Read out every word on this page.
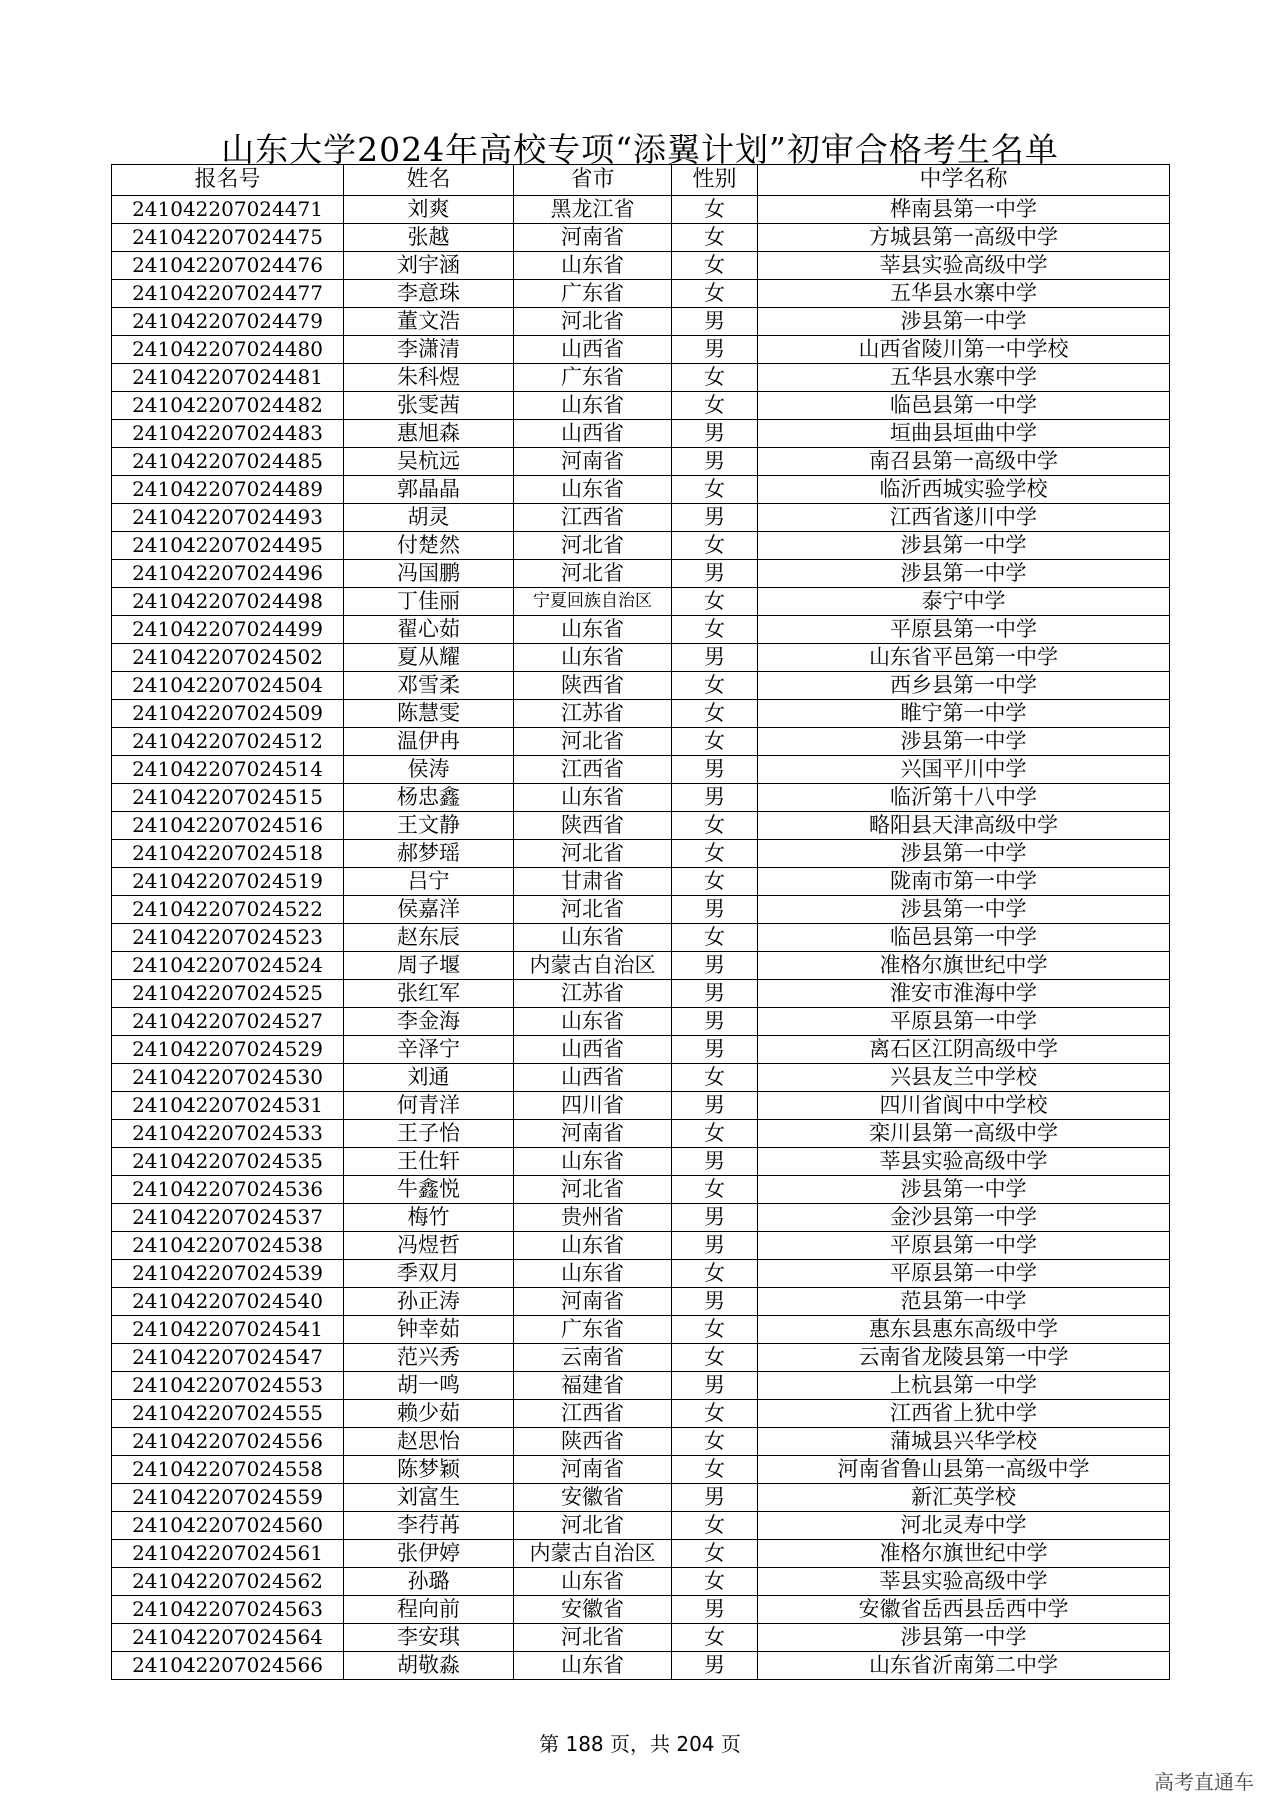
山东大学2024年高校专项“添翼计划”初审合格考生名单
报名号	姓名	省市	性别	中学名称
241042207024471	刘爽	黑龙江省	女	桦南县第一中学
241042207024475	张越	河南省	女	方城县第一高级中学
241042207024476	刘宇涵	山东省	女	莘县实验高级中学
241042207024477	李意珠	广东省	女	五华县水寨中学
241042207024479	董文浩	河北省	男	涉县第一中学
241042207024480	李潇清	山西省	男	山西省陵川第一中学校
241042207024481	朱科煜	广东省	女	五华县水寨中学
241042207024482	张雯茜	山东省	女	临邑县第一中学
241042207024483	惠旭森	山西省	男	垣曲县垣曲中学
241042207024485	吴杭远	河南省	男	南召县第一高级中学
241042207024489	郭晶晶	山东省	女	临沂西城实验学校
241042207024493	胡灵	江西省	男	江西省遂川中学
241042207024495	付楚然	河北省	女	涉县第一中学
241042207024496	冯国鹏	河北省	男	涉县第一中学
241042207024498	丁佳丽	宁夏回族自治区	女	泰宁中学
241042207024499	翟心茹	山东省	女	平原县第一中学
241042207024502	夏从耀	山东省	男	山东省平邑第一中学
241042207024504	邓雪柔	陕西省	女	西乡县第一中学
241042207024509	陈慧雯	江苏省	女	睢宁第一中学
241042207024512	温伊冉	河北省	女	涉县第一中学
241042207024514	侯涛	江西省	男	兴国平川中学
241042207024515	杨忠鑫	山东省	男	临沂第十八中学
241042207024516	王文静	陕西省	女	略阳县天津高级中学
241042207024518	郝梦瑶	河北省	女	涉县第一中学
241042207024519	吕宁	甘肃省	女	陇南市第一中学
241042207024522	侯嘉洋	河北省	男	涉县第一中学
241042207024523	赵东辰	山东省	女	临邑县第一中学
241042207024524	周子堰	内蒙古自治区	男	准格尔旗世纪中学
241042207024525	张红军	江苏省	男	淮安市淮海中学
241042207024527	李金海	山东省	男	平原县第一中学
241042207024529	辛泽宁	山西省	男	离石区江阴高级中学
241042207024530	刘通	山西省	女	兴县友兰中学校
241042207024531	何青洋	四川省	男	四川省阆中中学校
241042207024533	王子怡	河南省	女	栾川县第一高级中学
241042207024535	王仕轩	山东省	男	莘县实验高级中学
241042207024536	牛鑫悦	河北省	女	涉县第一中学
241042207024537	梅竹	贵州省	男	金沙县第一中学
241042207024538	冯煜哲	山东省	男	平原县第一中学
241042207024539	季双月	山东省	女	平原县第一中学
241042207024540	孙正涛	河南省	男	范县第一中学
241042207024541	钟幸茹	广东省	女	惠东县惠东高级中学
241042207024547	范兴秀	云南省	女	云南省龙陵县第一中学
241042207024553	胡一鸣	福建省	男	上杭县第一中学
241042207024555	赖少茹	江西省	女	江西省上犹中学
241042207024556	赵思怡	陕西省	女	蒲城县兴华学校
241042207024558	陈梦颖	河南省	女	河南省鲁山县第一高级中学
241042207024559	刘富生	安徽省	男	新汇英学校
241042207024560	李荇苒	河北省	女	河北灵寿中学
241042207024561	张伊婷	内蒙古自治区	女	准格尔旗世纪中学
241042207024562	孙璐	山东省	女	莘县实验高级中学
241042207024563	程向前	安徽省	男	安徽省岳西县岳西中学
241042207024564	李安琪	河北省	女	涉县第一中学
241042207024566	胡敬淼	山东省	男	山东省沂南第二中学
第 188 页，共 204 页
高考直通车
